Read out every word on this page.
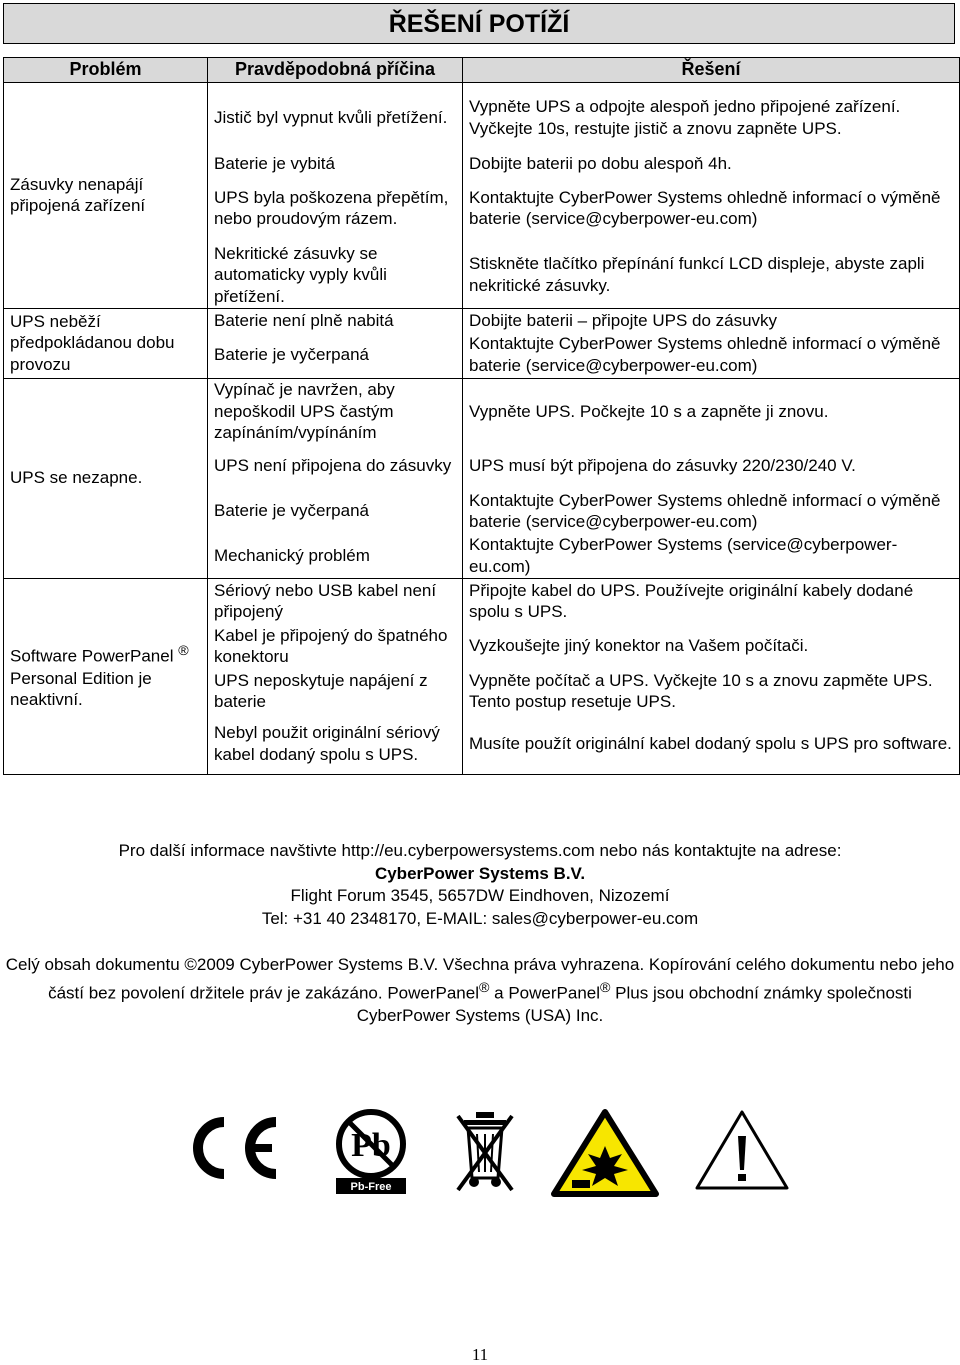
ŘEŠENÍ POTÍŽÍ
Problém	Pravděpodobná příčina	Řešení
Zásuvky nenapájí připojená zařízení	Jistič byl vypnut kvůli přetížení.	Vypněte UPS a odpojte alespoň jedno připojené zařízení. Vyčkejte 10s, restujte jistič a znovu zapněte UPS.
	Baterie je vybitá	Dobijte baterii po dobu alespoň 4h.
	UPS byla poškozena přepětím, nebo proudovým rázem.	Kontaktujte CyberPower Systems ohledně informací o výměně baterie (service@cyberpower-eu.com)
	Nekritické zásuvky se automaticky vyply kvůli přetížení.	Stiskněte tlačítko přepínání funkcí LCD displeje, abyste zapli nekritické zásuvky.
UPS neběží předpokládanou dobu provozu	Baterie není plně nabitá	Dobijte baterii – připojte UPS do zásuvky
	Baterie je vyčerpaná	Kontaktujte CyberPower Systems ohledně informací o výměně baterie (service@cyberpower-eu.com)
UPS se nezapne.	Vypínač je navržen, aby nepoškodil UPS častým zapínáním/vypínáním	Vypněte UPS. Počkejte 10 s a zapněte ji znovu.
	UPS není připojena do zásuvky	UPS musí být připojena do zásuvky 220/230/240 V.
	Baterie je vyčerpaná	Kontaktujte CyberPower Systems ohledně informací o výměně baterie (service@cyberpower-eu.com)
	Mechanický problém	Kontaktujte CyberPower Systems (service@cyberpower-eu.com)
Software PowerPanel ® Personal Edition je neaktivní.	Sériový nebo USB kabel není připojený	Připojte kabel do UPS. Používejte originální kabely dodané spolu s UPS.
	Kabel je připojený do špatného konektoru	Vyzkoušejte jiný konektor na Vašem počítači.
	UPS neposkytuje napájení z baterie	Vypněte počítač a UPS. Vyčkejte 10 s a znovu zapměte UPS. Tento postup resetuje UPS.
	Nebyl použit originální sériový kabel dodaný spolu s UPS.	Musíte použít originální kabel dodaný spolu s UPS pro software.
Pro další informace navštivte http://eu.cyberpowersystems.com nebo nás kontaktujte na adrese:
CyberPower Systems B.V.
Flight Forum 3545, 5657DW Eindhoven, Nizozemí
Tel: +31 40 2348170, E-MAIL: sales@cyberpower-eu.com
Celý obsah dokumentu ©2009 CyberPower Systems B.V. Všechna práva vyhrazena. Kopírování celého dokumentu nebo jeho částí bez povolení držitele práv je zakázáno. PowerPanel® a PowerPanel® Plus jsou obchodní známky společnosti CyberPower Systems (USA) Inc.
Pb
Pb-Free
11
